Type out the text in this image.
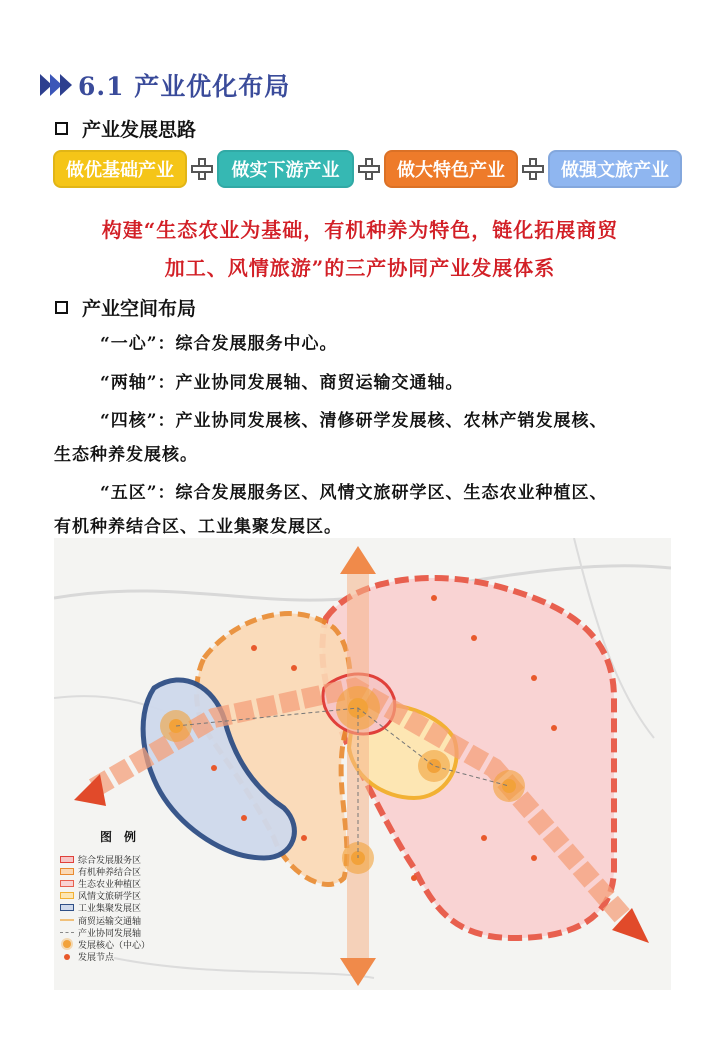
6.1 产业优化布局
产业发展思路
做优基础产业	做实下游产业	做大特色产业	做强文旅产业
构建“生态农业为基础，有机种养为特色，链化拓展商贸
加工、风情旅游”的三产协同产业发展体系
产业空间布局
“一心”：综合发展服务中心。
“两轴”：产业协同发展轴、商贸运输交通轴。
“四核”：产业协同发展核、清修研学发展核、农林产销发展核、
生态种养发展核。
“五区”：综合发展服务区、风情文旅研学区、生态农业种植区、
有机种养结合区、工业集聚发展区。
图　例
综合发展服务区
有机种养结合区
生态农业种植区
风情文旅研学区
工业集聚发展区
商贸运输交通轴
产业协同发展轴
发展核心（中心）
发展节点
